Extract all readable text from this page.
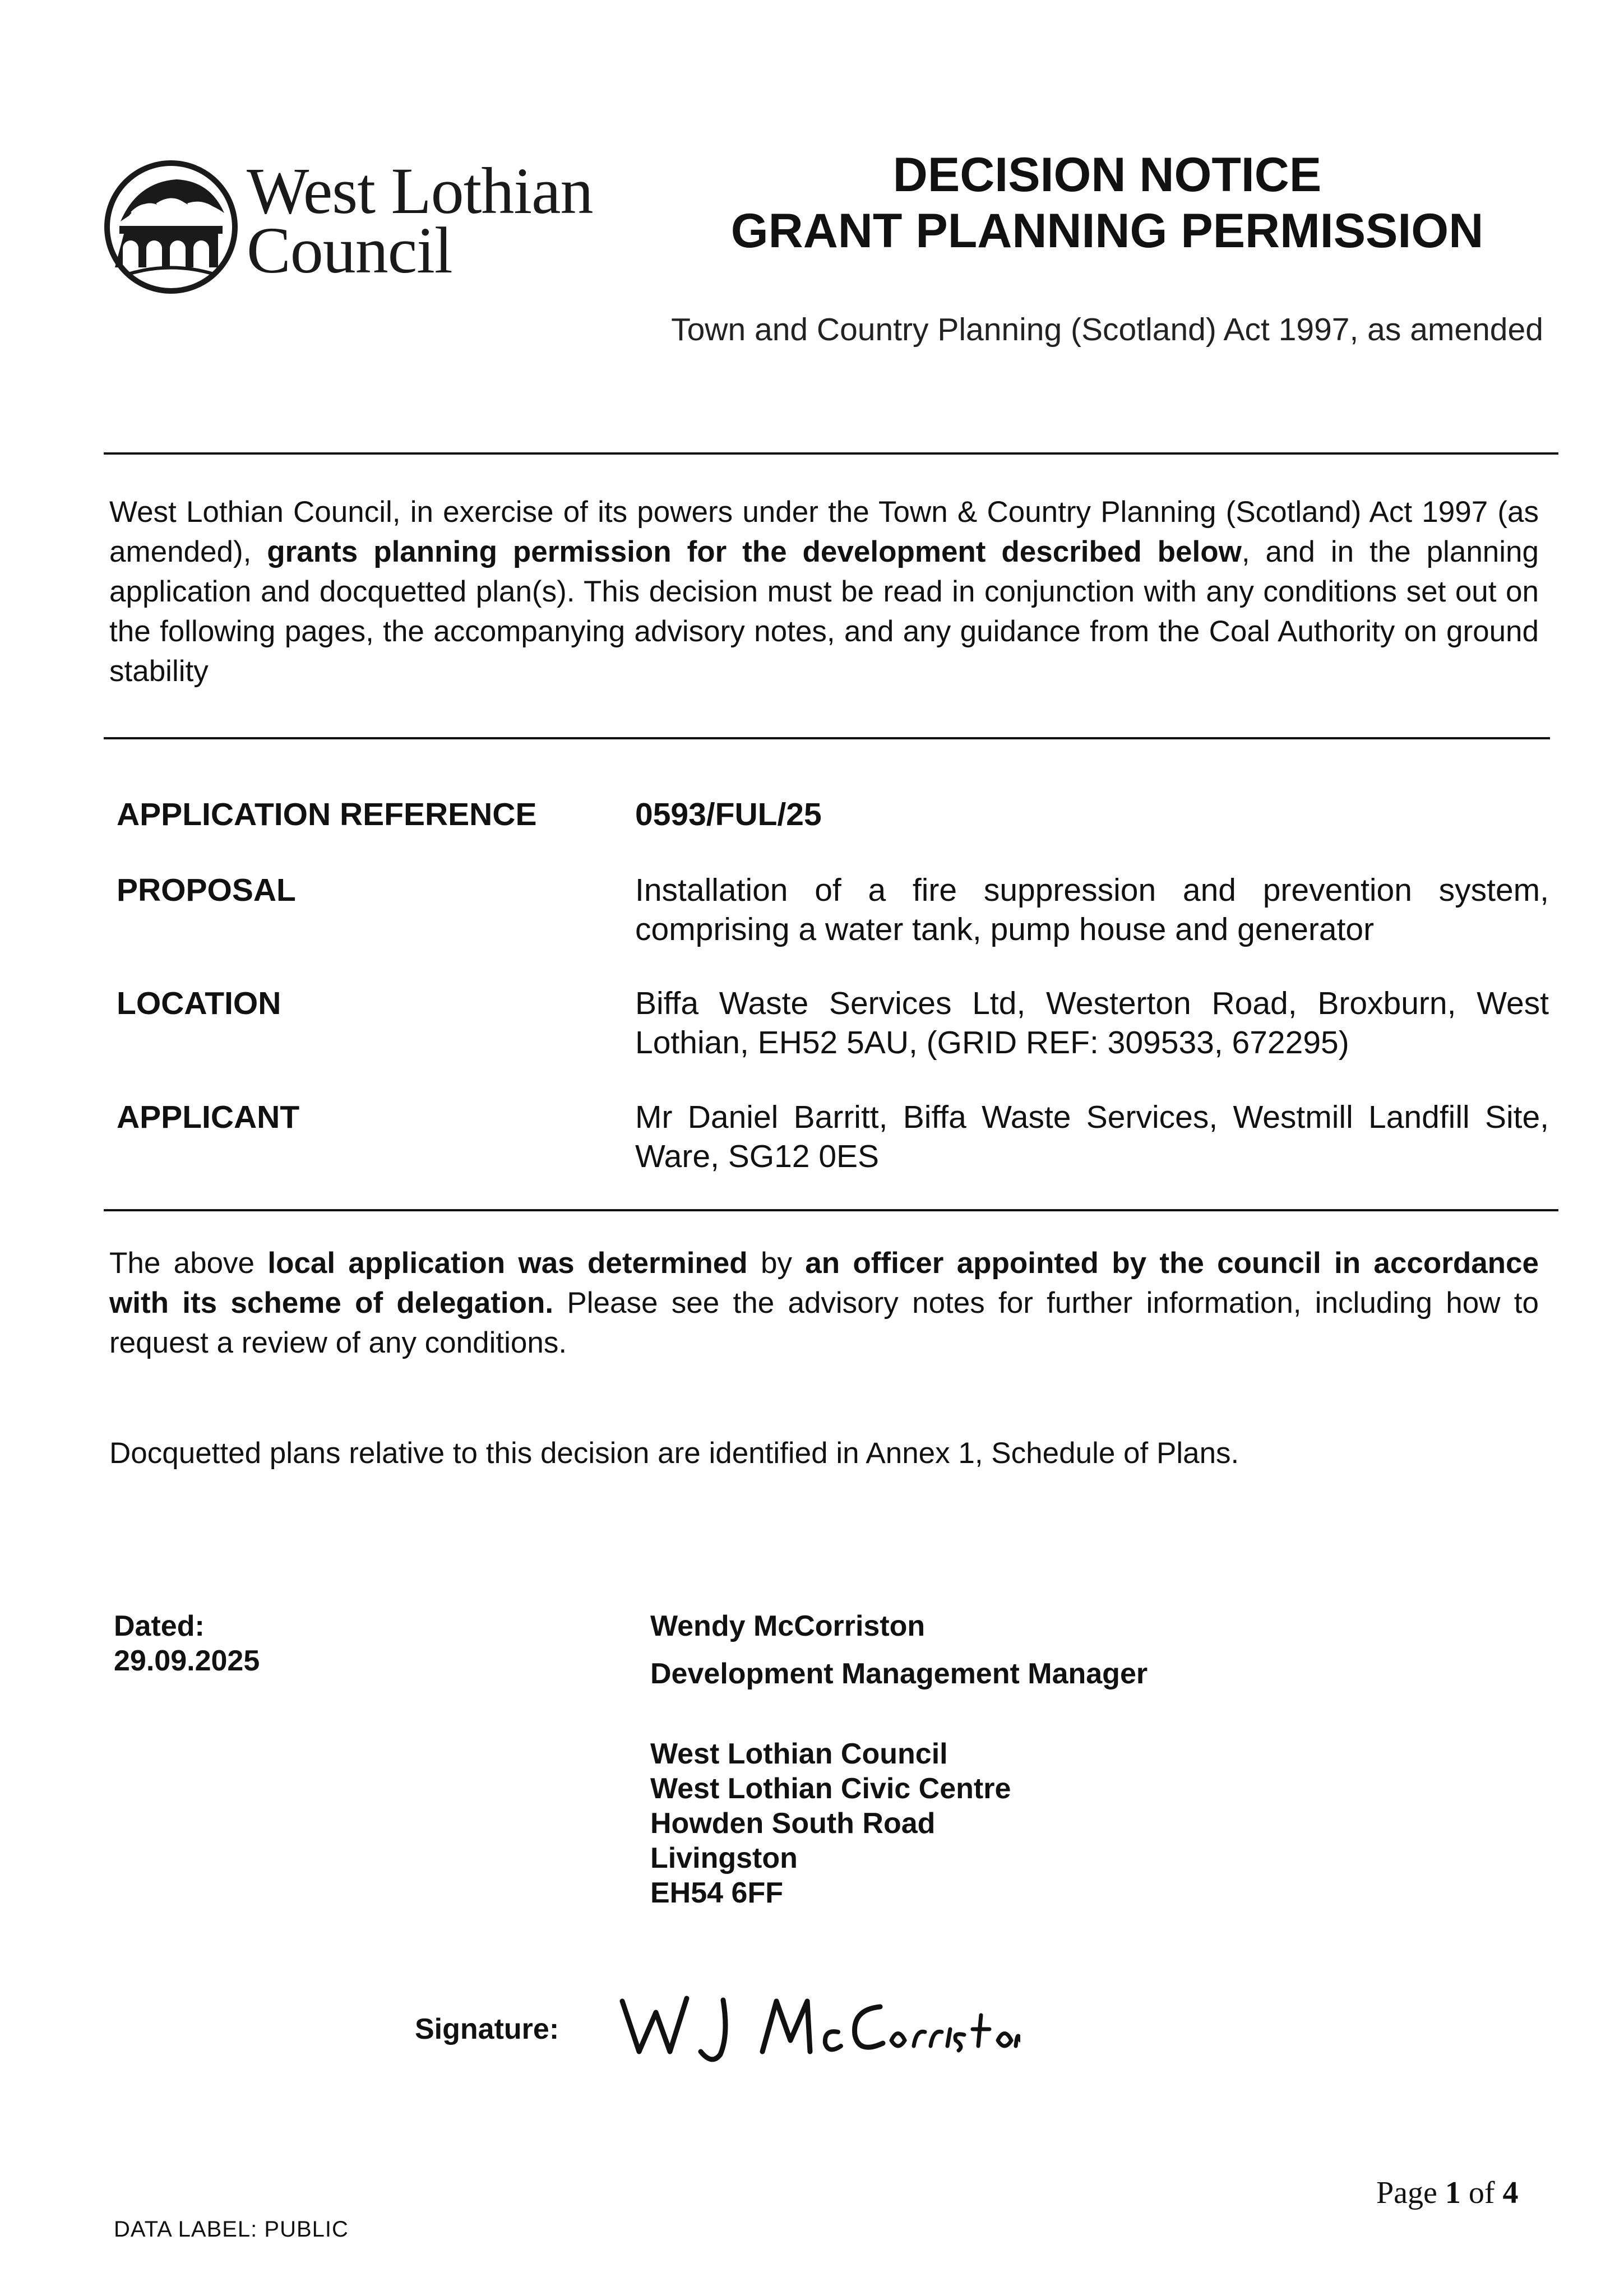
West Lothian
Council
DECISION NOTICE
GRANT PLANNING PERMISSION
Town and Country Planning (Scotland) Act 1997, as amended
West Lothian Council, in exercise of its powers under the Town & Country Planning (Scotland) Act 1997 (as amended), grants planning permission for the development described below, and in the planning application and docquetted plan(s). This decision must be read in conjunction with any conditions set out on the following pages, the accompanying advisory notes, and any guidance from the Coal Authority on ground stability
APPLICATION REFERENCE	0593/FUL/25
PROPOSAL	Installation of a fire suppression and prevention system, comprising a water tank, pump house and generator
LOCATION	Biffa Waste Services Ltd, Westerton Road, Broxburn, West Lothian, EH52 5AU, (GRID REF: 309533, 672295)
APPLICANT	Mr Daniel Barritt, Biffa Waste Services, Westmill Landfill Site, Ware, SG12 0ES
The above local application was determined by an officer appointed by the council in accordance with its scheme of delegation. Please see the advisory notes for further information, including how to request a review of any conditions.
Docquetted plans relative to this decision are identified in Annex 1, Schedule of Plans.
Dated:
29.09.2025
Wendy McCorriston
Development Management Manager
West Lothian Council
West Lothian Civic Centre
Howden South Road
Livingston
EH54 6FF
Signature:
Page 1 of 4
DATA LABEL: PUBLIC
